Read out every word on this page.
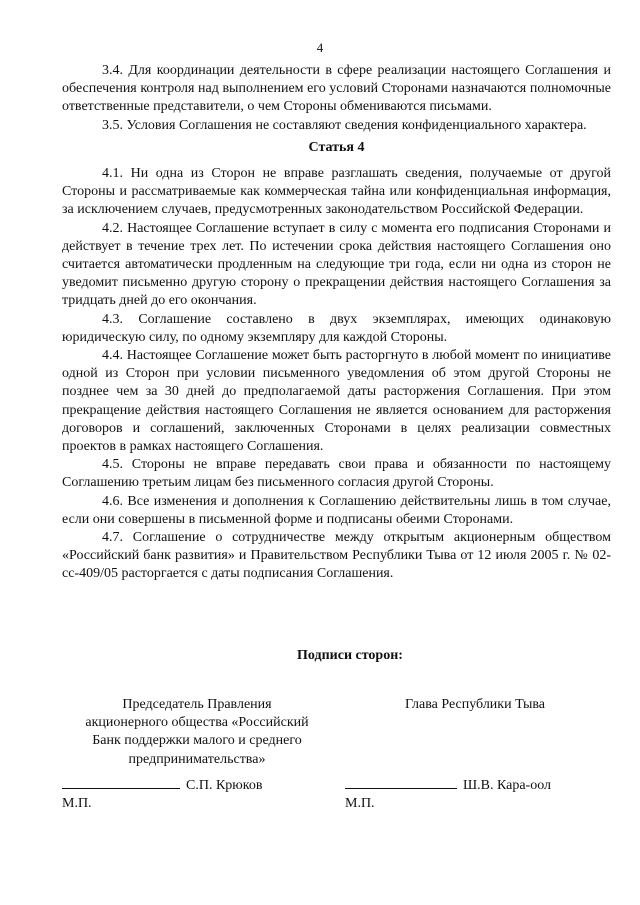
4

3.4. Для координации деятельности в сфере реализации настоящего Соглашения и обеспечения контроля над выполнением его условий Сторонами назначаются полномочные ответственные представители, о чем Стороны обмениваются письмами.

3.5. Условия Соглашения не составляют сведения конфиденциального характера.

Статья 4

4.1. Ни одна из Сторон не вправе разглашать сведения, получаемые от другой Стороны и рассматриваемые как коммерческая тайна или конфиденциальная информация, за исключением случаев, предусмотренных законодательством Российской Федерации.

4.2. Настоящее Соглашение вступает в силу с момента его подписания Сторонами и действует в течение трех лет. По истечении срока действия настоящего Соглашения оно считается автоматически продленным на следующие три года, если ни одна из сторон не уведомит письменно другую сторону о прекращении действия настоящего Соглашения за тридцать дней до его окончания.

4.3. Соглашение составлено в двух экземплярах, имеющих одинаковую юридическую силу, по одному экземпляру для каждой Стороны.

4.4. Настоящее Соглашение может быть расторгнуто в любой момент по инициативе одной из Сторон при условии письменного уведомления об этом другой Стороны не позднее чем за 30 дней до предполагаемой даты расторжения Соглашения. При этом прекращение действия настоящего Соглашения не является основанием для расторжения договоров и соглашений, заключенных Сторонами в целях реализации совместных проектов в рамках настоящего Соглашения.

4.5. Стороны не вправе передавать свои права и обязанности по настоящему Соглашению третьим лицам без письменного согласия другой Стороны.

4.6. Все изменения и дополнения к Соглашению действительны лишь в том случае, если они совершены в письменной форме и подписаны обеими Сторонами.

4.7. Соглашение о сотрудничестве между открытым акционерным обществом «Российский банк развития» и Правительством Республики Тыва от 12 июля 2005 г. № 02-сс-409/05 расторгается с даты подписания Соглашения.

Подписи сторон:
Председатель Правления
акционерного общества «Российский
Банк поддержки малого и среднего
предпринимательства»
Глава Республики Тыва
С.П. Крюков	Ш.В. Кара-оол
М.П.	М.П.
